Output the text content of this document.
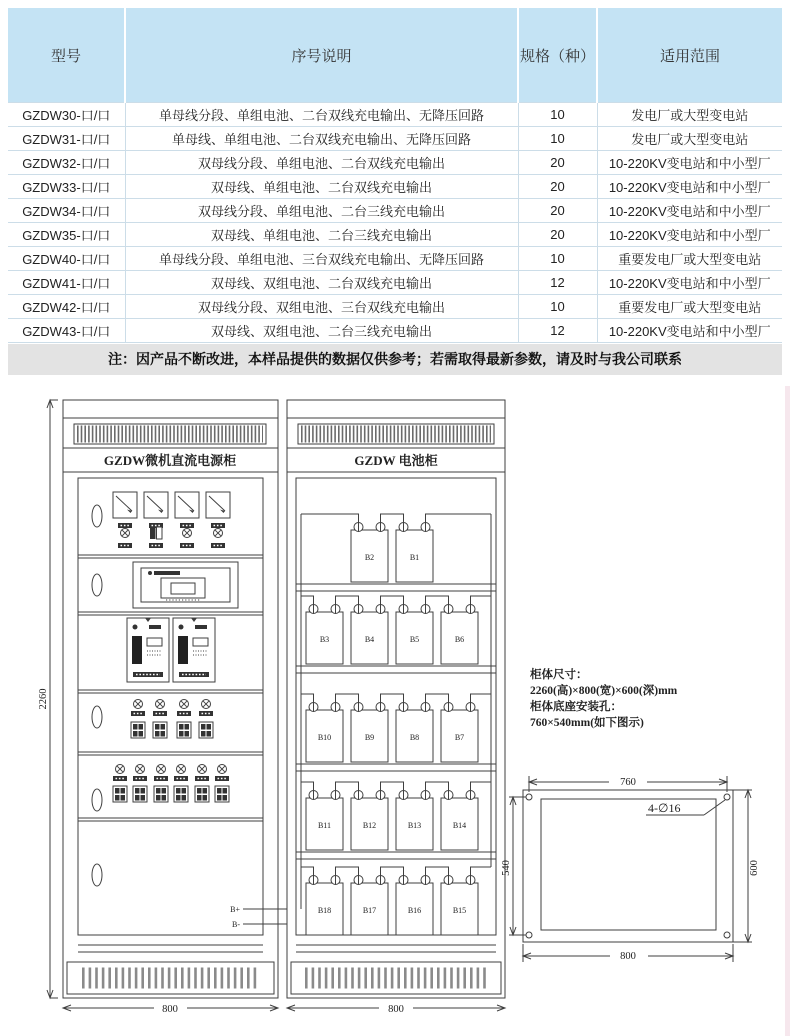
型号	序号说明	规格（种）	适用范围
GZDW30-口/口	单母线分段、单组电池、二台双线充电输出、无降压回路	10	发电厂或大型变电站
GZDW31-口/口	单母线、单组电池、二台双线充电输出、无降压回路	10	发电厂或大型变电站
GZDW32-口/口	双母线分段、单组电池、二台双线充电输出	20	10-220KV变电站和中小型厂
GZDW33-口/口	双母线、单组电池、二台双线充电输出	20	10-220KV变电站和中小型厂
GZDW34-口/口	双母线分段、单组电池、二台三线充电输出	20	10-220KV变电站和中小型厂
GZDW35-口/口	双母线、单组电池、二台三线充电输出	20	10-220KV变电站和中小型厂
GZDW40-口/口	单母线分段、单组电池、三台双线充电输出、无降压回路	10	重要发电厂或大型变电站
GZDW41-口/口	双母线、双组电池、二台双线充电输出	12	10-220KV变电站和中小型厂
GZDW42-口/口	双母线分段、双组电池、三台双线充电输出	10	重要发电厂或大型变电站
GZDW43-口/口	双母线、双组电池、二台三线充电输出	12	10-220KV变电站和中小型厂
注：因产品不断改进，本样品提供的数据仅供参考；若需取得最新参数，请及时与我公司联系
GZDW微机直流电源柜	GZDW 电池柜
2260
800	800
B2	B1
B3	B4	B5	B6
B10	B9	B8	B7
B11	B12	B13	B14
B18	B17	B16	B15
B+
B-
柜体尺寸：
2260(高)×800(宽)×600(深)mm
柜体底座安装孔：
760×540mm(如下图示)
4-∅16
760
540	600
800
